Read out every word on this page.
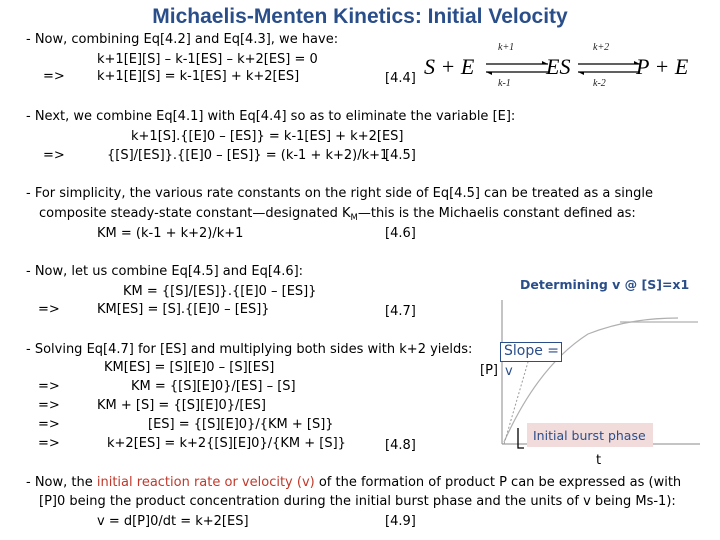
Michaelis-Menten Kinetics: Initial Velocity
S + E	ES	P + E
k+1
k-1
k+2
k-2
- Now, combining Eq[4.2] and Eq[4.3], we have:
k+1[E][S] – k-1[ES] – k+2[ES] = 0
=> k+1[E][S] = k-1[ES] + k+2[ES]	[4.4]
- Next, we combine Eq[4.1] with Eq[4.4] so as to eliminate the variable [E]:
k+1[S].{[E]0 – [ES]} = k-1[ES] + k+2[ES]
=>	{[S]/[ES]}.{[E]0 – [ES]} = (k-1 + k+2)/k+1
[4.5]
- For simplicity, the various rate constants on the right side of Eq[4.5] can be treated as a single
composite steady-state constant—designated $K_M—this$ is the Michaelis constant defined as:
KM = (k-1 + k+2)/k+1	[4.6]
- Now, let us combine Eq[4.5] and Eq[4.6]:
KM = {[S]/[ES]}.{[E]0 – [ES]}
=>	KM[ES] = [S].{[E]0 – [ES]}	[4.7]
- Solving Eq[4.7] for [ES] and multiplying both sides with k+2 yields:
KM[ES] = [S][E]0 – [S][ES]
=>	KM = {[S][E]0}/[ES] – [S]
=>	KM + [S] = {[S][E]0}/[ES]
=>	[ES] = {[S][E]0}/{KM + [S]}
=>	k+2[ES] = k+2{[S][E]0}/{KM + [S]}	[4.8]
- Now, the initial reaction rate or velocity (v) of the formation of product P can be expressed as (with
[P]0 being the product concentration during the initial burst phase and the units of v being Ms-1):
v = d[P]0/dt = k+2[ES]	[4.9]
Determining v @ [S]=x1
[P]
t
Slope =
v
Initial burst phase
